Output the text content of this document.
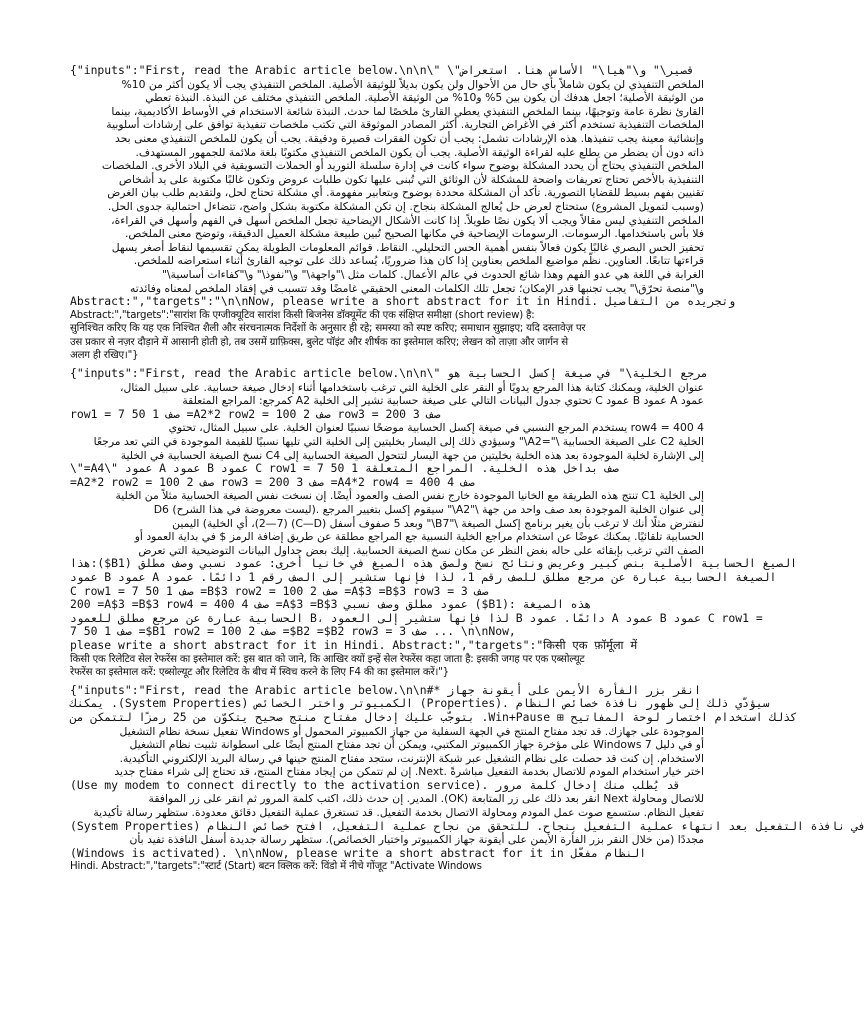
{"inputs":"First, read the Arabic article below.\n\n\" \"قصير\" و\"هيا\" الأساس هنا. استعراض
الملخص التنفيذي لن يكون شاملاً بأي حال من الأحوال ولن يكون بديلاً للوثيقة الأصلية. الملخص التنفيذي يجب ألا يكون أكثر من 10%
من الوثيقة الأصلية؛ اجعل هدفك أن يكون بين 5% و10% من الوثيقة الأصلية. الملخص التنفيذي مختلف عن النبذة. النبذة تعطي
القارئ نظرة عامة وتوجيهًا، بينما الملخص التنفيذي يعطي القارئ ملخصًا لما حدث. النبذة شائعة الاستخدام في الأوساط الأكاديمية، بينما
الملخصات التنفيذية تستخدم أكثر في الأغراض التجارية. أكثر المصادر الموثوقة التي تكتب ملخصات تنفيذية توافق على إرشادات أسلوبية
وإنشائية معينة يجب تنفيذها. هذه الإرشادات تشمل: يجب أن تكون الفقرات قصيرة ودقيقة. يجب أن يكون للملخص التنفيذي معنى بحد
ذاته دون أن يضطر من يطلع عليه لقراءة الوثيقة الأصلية. يجب أن يكون الملخص التنفيذي مكتوبًا بلغة ملائمة للجمهور المستهدف.
الملخص التنفيذي يحتاج أن يحدد المشكلة بوضوح سواء كانت في إدارة سلسلة التوريد أو الحملات التسويقية في البلاد الأخرى. الملخصات
التنفيذية بالأخص تحتاج تعريفات واضحة للمشكلة لأن الوثائق التي تُبنى عليها تكون طلبات عروض وتكون غالبًا مكتوبة على يد أشخاص
تقنيين بفهم بسيط للقضايا التصورية. تأكد أن المشكلة محددة بوضوح وبتعابير مفهومة. أي مشكلة تحتاج لحل، ولتقديم طلب بيان الغرض
(وسبب لتمويل المشروع) ستحتاج لعرض حل يُعالج المشكلة بنجاح. إن تكن المشكلة مكتوبة بشكل واضح، تتضاءل احتمالية جدوى الحل.
الملخص التنفيذي ليس مقالاً ويجب ألا يكون نصًا طويلاً. إذا كانت الأشكال الإيضاحية تجعل الملخص أسهل في الفهم وأسهل في القراءة،
فلا بأس باستخدامها. الرسومات. الرسومات الإيضاحية في مكانها الصحيح تُبين طبيعة مشكلة العميل الدقيقة، وتوضح معنى الملخص.
تحفيز الحس البصري غالبًا يكون فعالاً بنفس أهمية الحس التحليلي. النقاط. قوائم المعلومات الطويلة يمكن تقسيمها لنقاط أصغر يسهل
قراءتها تتابعًا. العناوين. نظّم مواضيع الملخص بعناوين إذا كان هذا ضروريًا، يُساعد ذلك على توجيه القارئ أثناء استعراضه للملخص.
الغرابة في اللغة هي عدو الفهم وهذا شائع الحدوث في عالم الأعمال. كلمات مثل \"واجهة\" و\"نفوذ\" و\"كفاءات أساسية\"
و\"منصة تحرّق\" يجب تجنبها قدر الإمكان؛ تجعل تلك الكلمات المعنى الحقيقي غامضًا وقد تتسبب في إفقاد الملخص لمعناه وفائدته
Abstract:","targets":"\n\nNow, please write a short abstract for it in Hindi. وتجريده من التفاصيل
Abstract:","targets":"सारांश कि एग्जीक्यूटिव सारांश किसी बिजनेस डॉक्यूमेंट की एक संक्षिप्त समीक्षा (short review) है:
सुनिश्चित करिए कि यह एक निश्चित शैली और संरचनात्मक निर्देशों के अनुसार ही रहे; समस्या को स्पष्ट करिए; समाधान सुझाइए; यदि दस्तावेज़ पर
उस प्रकार से नज़र दौड़ाने में आसानी होती हो, तब उसमें ग्राफ़िक्स, बुलेट पॉइंट और शीर्षक का इस्तेमाल करिए; लेखन को ताज़ा और जार्गन से
अलग ही रखिए।"}
{"inputs":"First, read the Arabic article below.\n\n\" مرجع الخلية\" في صيغة إكسل الحسابية هو
عنوان الخلية، ويمكنك كتابة هذا المرجع يدويًا أو النقر على الخلية التي ترغب باستخدامها أثناء إدخال صيغة حسابية. على سبيل المثال،
عمود A عمود B عمود C تحتوي جدول البيانات التالي على صيغة حسابية تشير إلى الخلية A2 كمرجع: المراجع المتعلقة
row1 = 7 50 1 صف =A2*2 row2 = 100 2 صف row3 = 200 3 صف
4 row4 = 400 يستخدم المرجع النسبي في صيغة إكسل الحسابية موضحًا نسبيًا لعنوان الخلية. على سبيل المثال، تحتوي
الخلية C2 على الصيغة الحسابية \"=A2\" وسيؤدي ذلك إلى اليسار بخليتين إلى الخلية التي تليها نسبيًا للقيمة الموجودة في التي تعد مرجعًا
إلى الإشارة لخلية الموجودة بعد هذه الخلية بخليتين من جهة اليسار لتتحول الصيغة الحسابية إلى C4 نسخ الصيغة الحسابية في الخلية
\"=A4\" عمود A عمود B عمود C row1 = 7 50 1 صف بداخل هذه الخلية. المراجع المتعلقة
=A2*2 row2 = 100 2 صف row3 = 200 3 صف =A4*2 row4 = 400 4 صف
إلى الخلية C1 تنتج هذه الطريقة مع الخانيا الموجودة خارج نفس الصف والعمود أيضًا. إن نسخت نفس الصيغة الحسابية مثلاً من الخلية
إلى عنوان الخلية الموجودة بعد صف واحد من جهة \"A2\" سيقوم إكسل بتغيير المرجع .(ليست معروضة في هذا الشرح) D6
لنفترض مثلًا أنك لا ترغب بأن يغير برنامج إكسل الصيغة \"B7\" وبعد 5 صفوف أسفل (C—D) (2—7)، أي الخلية) اليمين
الحسابية تلقائيًا. يمكنك عوضًا عن استخدام مراجع الخلية النسبية جع المراجع مطلقة عن طريق إضافة الرمز $ في بداية العمود أو
الصف التي ترغب بإبقائه على حاله بغض النظر عن مكان نسخ الصيغة الحسابية. إليك بعض جداول البيانات التوضيحية التي تعرض
هذا:($B1) الصيغ الحسابية الأصلية بنص كبير وعريض ونتائج نسخ ولصق هذه الصيغ في خانيا أخرى: عمود نسبي وصف مطلق
عمود B عمود A الصيغة الحسابية عبارة عن مرجع مطلق للصف رقم 1، لذا فإنها ستشير إلى الصف رقم 1 دائمًا. عمود
C row1 = 7 50 1 صف =B$3 row2 = 100 2 صف =A$3 =B$3 row3 = 3 صف
200 =A$3 =B$3 row4 = 400 4 صف =A$3 =B$3 عمود مطلق وصف نسبي ($B1): هذه الصيغة
الحسابية عبارة عن مرجع مطلق للعمود B، لذا فإنها ستشير إلى العمود B دائمًا. عمود A عمود B عمود C row1 =
7 50 1 صف =$B1 row2 = 100 2 صف =$B2 =$B2 row3 = 3 صف ... \n\nNow,
please write a short abstract for it in Hindi. Abstract:","targets":"किसी एक फ़ॉर्मूला में
किसी एक रिलेटिव सेल रेफरेंस का इस्तेमाल करें: इस बात को जाने, कि आखिर क्यों इन्हें सेल रेफरेंस कहा जाता है: इसकी जगह पर एक एब्सोल्यूट
रेफरेंस का इस्तेमाल करें: एब्सोल्यूट और रिलेटिव के बीच में स्विच करने के लिए F4 की का इस्तेमाल करें।"}
{"inputs":"First, read the Arabic article below.\n\n#* انقر بزر الفأرة الأيمن على أيقونة جهاز
يمكنك .(System Properties) الكمبيوتر واختر الخصائص (Properties). سيؤدّي ذلك إلى ظهور نافذة خصائص النظام
بتوجّب عليك إدخال مفتاح منتج صحيح يتكوّن من 25 رمزًا لتتمكن من .Win+Pause ⊞ كذلك استخدام اختصار لوحة المفاتيح
الموجودة على جهازك. قد تجد مفتاح المنتج في الجهة السفلية من جهاز الكمبيوتر المحمول أو Windows تفعيل نسخة نظام التشغيل
أو في دليل Windows 7 على مؤخرة جهاز الكمبيوتر المكتبي، ويمكن أن تجد مفتاح المنتج أيضًا على اسطوانة تثبيت نظام التشغيل
الاستخدام. إن كنت قد حصلت على نظام التشغيل عبر شبكة الإنترنت، ستجد مفتاح المنتج حينها في رسالة البريد الإلكتروني التأكيدية.
اختر خيار استخدام المودم للاتصال بخدمة التفعيل مباشرةً .Next. إن لم تتمكن من إيجاد مفتاح المنتج، قد تحتاج إلى شراء مفتاح جديد
(Use my modem to connect directly to the activation service). قد يُطلب منك إدخال كلمة مرور
للاتصال ومحاولة Next انقر بعد ذلك على زر المتابعة (OK). المدير. إن حدث ذلك، اكتب كلمة المرور ثم انقر على زر الموافقة
تفعيل النظام. ستسمع صوت عمل المودم ومحاولة الاتصال بخدمة التفعيل. قد تستغرق عملية التفعيل دقائق معدودة. ستظهر رسالة تأكيدية
(System Properties) في نافذة التفعيل بعد انتهاء عملية التفعيل بنجاح. للتحقق من نجاح عملية التفعيل، افتح خصائص النظام
مجددًا (من خلال النقر بزر الفأرة الأيمن على أيقونة جهاز الكمبيوتر واختيار الخصائص). ستظهر رسالة جديدة أسفل النافذة تفيد بأن
(Windows is activated). \n\nNow, please write a short abstract for it in النظام مفعّل
Hindi. Abstract:","targets":"स्टार्ट (Start) बटन क्लिक करें: विंडो में नीचे गोंजूट "Activate Windows
